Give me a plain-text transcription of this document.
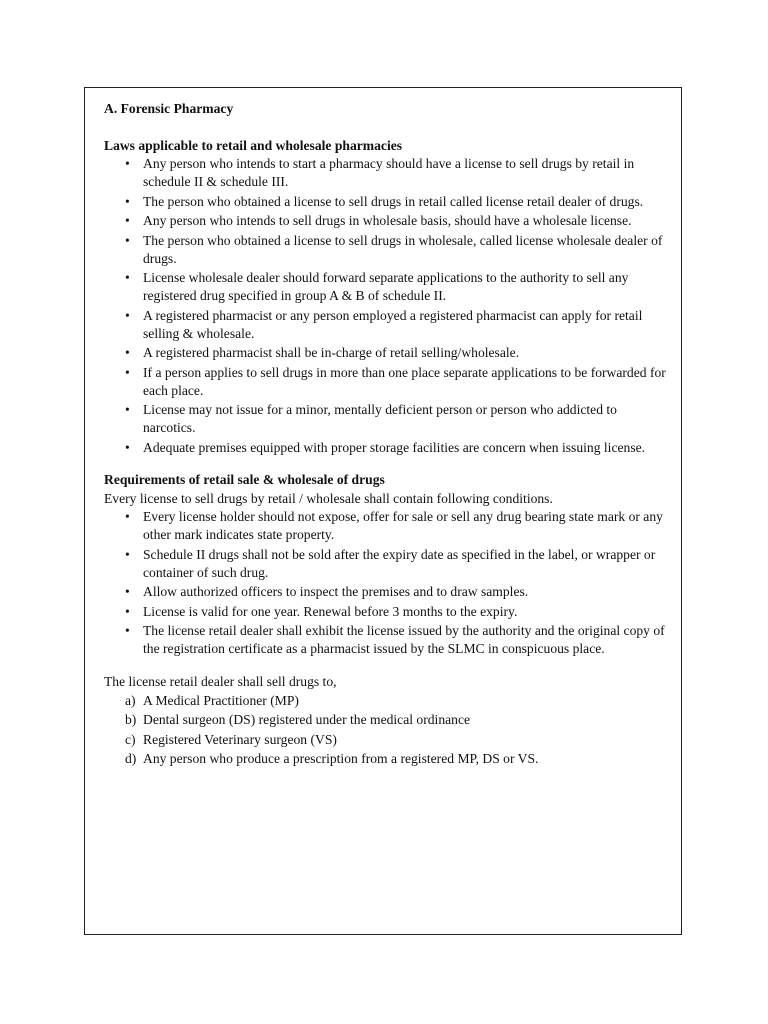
A. Forensic Pharmacy

Laws applicable to retail and wholesale pharmacies

• Any person who intends to start a pharmacy should have a license to sell drugs by retail in schedule II & schedule III.
• The person who obtained a license to sell drugs in retail called license retail dealer of drugs.
• Any person who intends to sell drugs in wholesale basis, should have a wholesale license.
• The person who obtained a license to sell drugs in wholesale, called license wholesale dealer of drugs.
• License wholesale dealer should forward separate applications to the authority to sell any registered drug specified in group A & B of schedule II.
• A registered pharmacist or any person employed a registered pharmacist can apply for retail selling & wholesale.
• A registered pharmacist shall be in-charge of retail selling/wholesale.
• If a person applies to sell drugs in more than one place separate applications to be forwarded for each place.
• License may not issue for a minor, mentally deficient person or person who addicted to narcotics.
• Adequate premises equipped with proper storage facilities are concern when issuing license.

Requirements of retail sale & wholesale of drugs

Every license to sell drugs by retail / wholesale shall contain following conditions.

• Every license holder should not expose, offer for sale or sell any drug bearing state mark or any other mark indicates state property.
• Schedule II drugs shall not be sold after the expiry date as specified in the label, or wrapper or container of such drug.
• Allow authorized officers to inspect the premises and to draw samples.
• License is valid for one year. Renewal before 3 months to the expiry.
• The license retail dealer shall exhibit the license issued by the authority and the original copy of the registration certificate as a pharmacist issued by the SLMC in conspicuous place.

The license retail dealer shall sell drugs to,

a) A Medical Practitioner (MP)
b) Dental surgeon (DS) registered under the medical ordinance
c) Registered Veterinary surgeon (VS)
d) Any person who produce a prescription from a registered MP, DS or VS.
